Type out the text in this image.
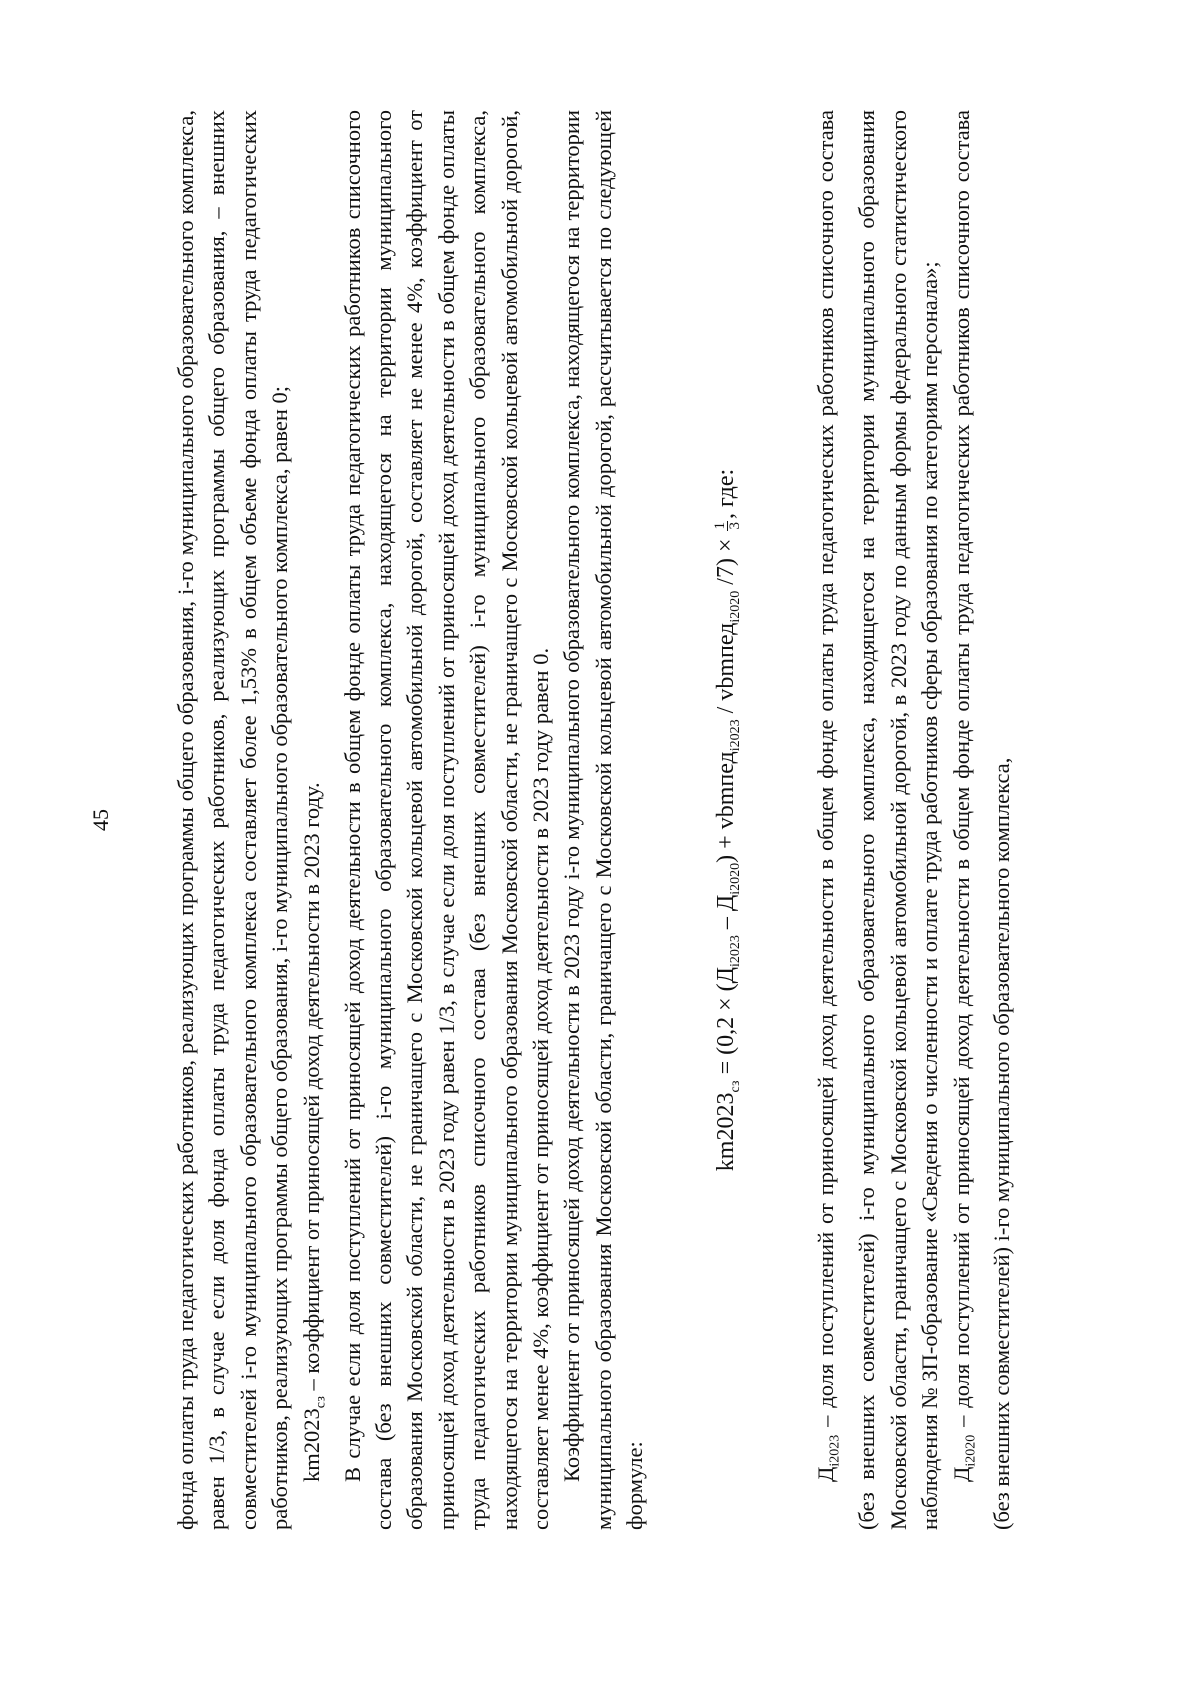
45	фонда оплаты труда педагогических работников, реализующих программы общего образования, i-го муниципального образовательного комплекса, равен 1/3, в случае если доля фонда оплаты труда педагогических работников, реализующих программы общего образования, – внешних совместителей i-го муниципального образовательного комплекса составляет более 1,53% в общем объеме фонда оплаты труда педагогических работников, реализующих программы общего образования, i-го муниципального образовательного комплекса, равен 0; $km2023_{сз}$ – коэффициент от приносящей доход деятельности в 2023 году. В случае если доля поступлений от приносящей доход деятельности в общем фонде оплаты труда педагогических работников списочного состава (без внешних совместителей) i-го муниципального образовательного комплекса, находящегося на территории муниципального образования Московской области, не граничащего с Московской кольцевой автомобильной дорогой, составляет не менее 4%, коэффициент от приносящей доход деятельности в 2023 году равен 1/3, в случае если доля поступлений от приносящей доход деятельности в общем фонде оплаты труда педагогических работников списочного состава (без внешних совместителей) i-го муниципального образовательного комплекса, находящегося на территории муниципального образования Московской области, не граничащего с Московской кольцевой автомобильной дорогой, составляет менее 4%, коэффициент от приносящей доход деятельности в 2023 году равен 0. Коэффициент от приносящей доход деятельности в 2023 году i-го муниципального образовательного комплекса, находящегося на территории муниципального образования Московской области, граничащего с Московской кольцевой автомобильной дорогой, рассчитывается по следующей формуле:

$km2023_{сз} = (0,2 \times (Д_{i2023} - Д_{i2020})$ + vbmпед$_{i2023}$ / vbmпед$_{i2020}$ /7) ×
1 3
, где:

$Д_{i2023}$ – доля поступлений от приносящей доход деятельности в общем фонде оплаты труда педагогических работников списочного состава (без внешних совместителей) i-го муниципального образовательного комплекса, находящегося на территории муниципального образования Московской области, граничащего с Московской кольцевой автомобильной дорогой, в 2023 году по данным формы федерального статистического наблюдения № ЗП-образование «Сведения о численности и оплате труда работников сферы образования по категориям персонала»; $Д_{i2020}$ – доля поступлений от приносящей доход деятельности в общем фонде оплаты труда педагогических работников списочного состава (без внешних совместителей) i-го муниципального образовательного комплекса,
